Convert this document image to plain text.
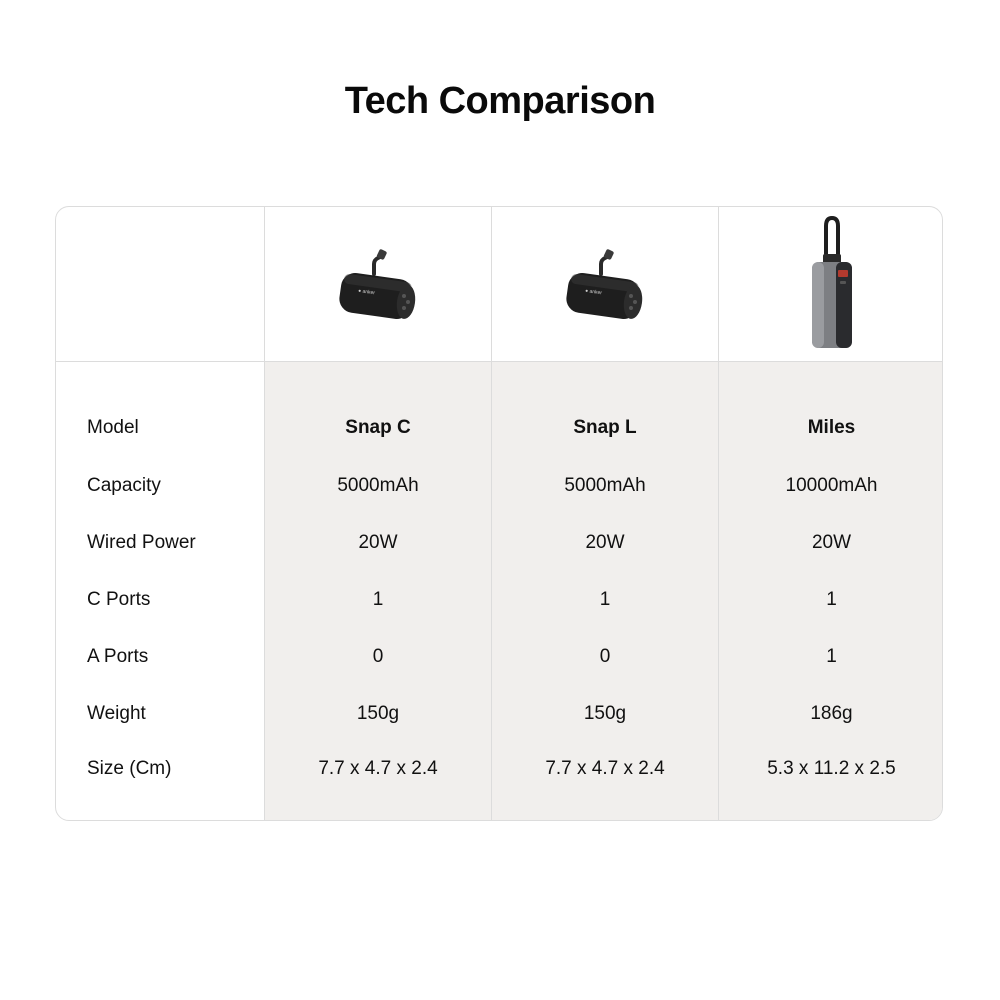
Tech Comparison
Model
Capacity
Wired Power
C Ports
A Ports
Weight
Size (Cm)
● anker
Snap C
5000mAh
20W
1
0
150g
7.7 x 4.7 x 2.4
● anker
Snap L
5000mAh
20W
1
0
150g
7.7 x 4.7 x 2.4
Miles
10000mAh
20W
1
1
186g
5.3 x 11.2 x 2.5
